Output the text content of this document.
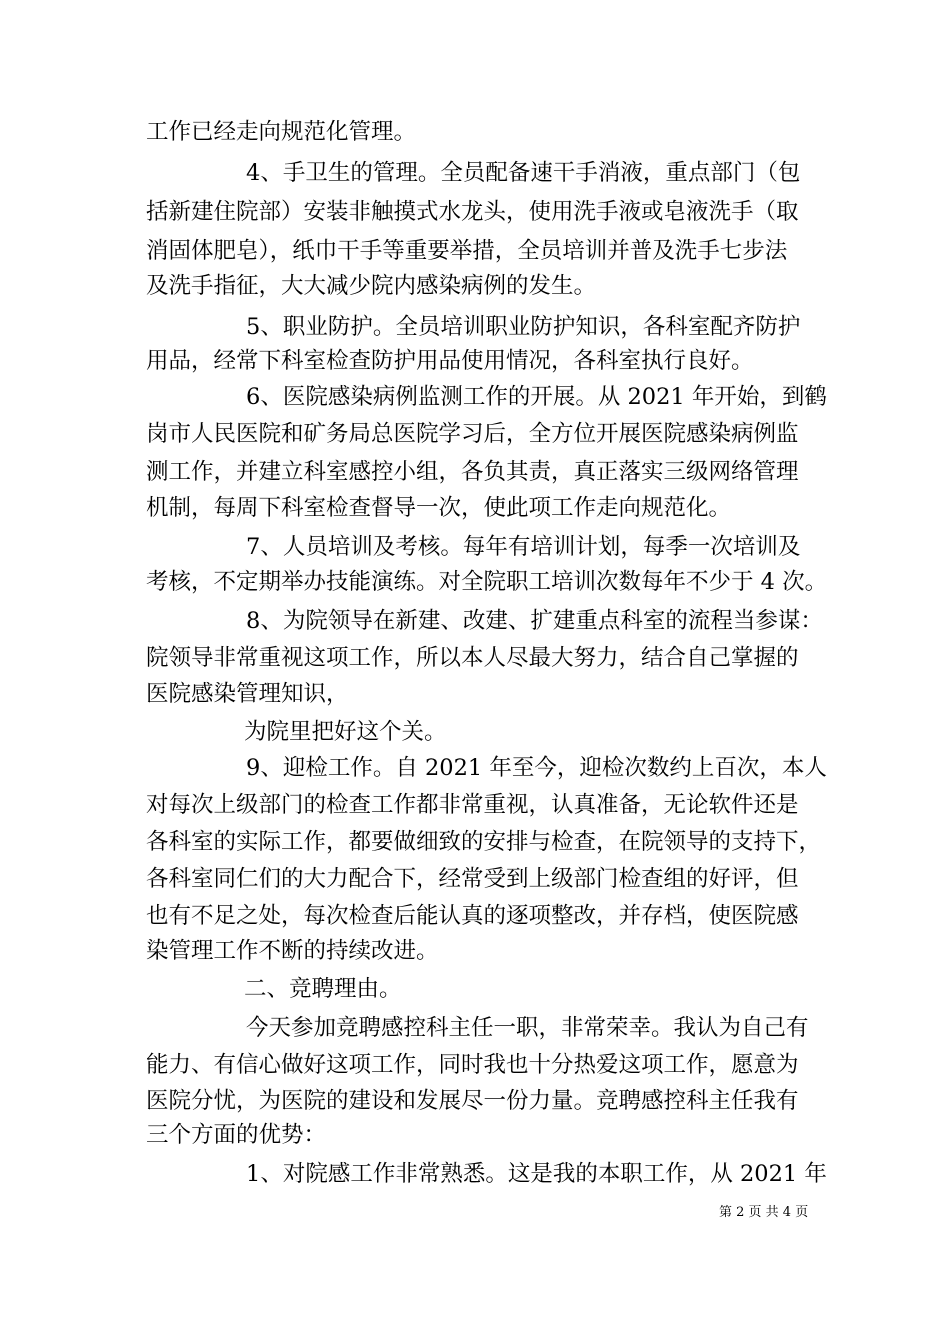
工作已经走向规范化管理。

4、手卫生的管理。全员配备速干手消液，重点部门（包

括新建住院部）安装非触摸式水龙头，使用洗手液或皂液洗手（取

消固体肥皂），纸巾干手等重要举措，全员培训并普及洗手七步法

及洗手指征，大大减少院内感染病例的发生。

5、职业防护。全员培训职业防护知识，各科室配齐防护

用品，经常下科室检查防护用品使用情况，各科室执行良好。

6、医院感染病例监测工作的开展。从 2021 年开始，到鹤

岗市人民医院和矿务局总医院学习后，全方位开展医院感染病例监

测工作，并建立科室感控小组，各负其责，真正落实三级网络管理

机制，每周下科室检查督导一次，使此项工作走向规范化。

7、人员培训及考核。每年有培训计划，每季一次培训及

考核，不定期举办技能演练。对全院职工培训次数每年不少于 4 次。

8、为院领导在新建、改建、扩建重点科室的流程当参谋：

院领导非常重视这项工作，所以本人尽最大努力，结合自己掌握的

医院感染管理知识，

为院里把好这个关。

9、迎检工作。自 2021 年至今，迎检次数约上百次，本人

对每次上级部门的检查工作都非常重视，认真准备，无论软件还是

各科室的实际工作，都要做细致的安排与检查，在院领导的支持下，

各科室同仁们的大力配合下，经常受到上级部门检查组的好评，但

也有不足之处，每次检查后能认真的逐项整改，并存档，使医院感

染管理工作不断的持续改进。

二、竞聘理由。

今天参加竞聘感控科主任一职，非常荣幸。我认为自己有

能力、有信心做好这项工作，同时我也十分热爱这项工作，愿意为

医院分忧，为医院的建设和发展尽一份力量。竞聘感控科主任我有

三个方面的优势：

1、对院感工作非常熟悉。这是我的本职工作，从 2021 年

第 2 页 共 4 页
